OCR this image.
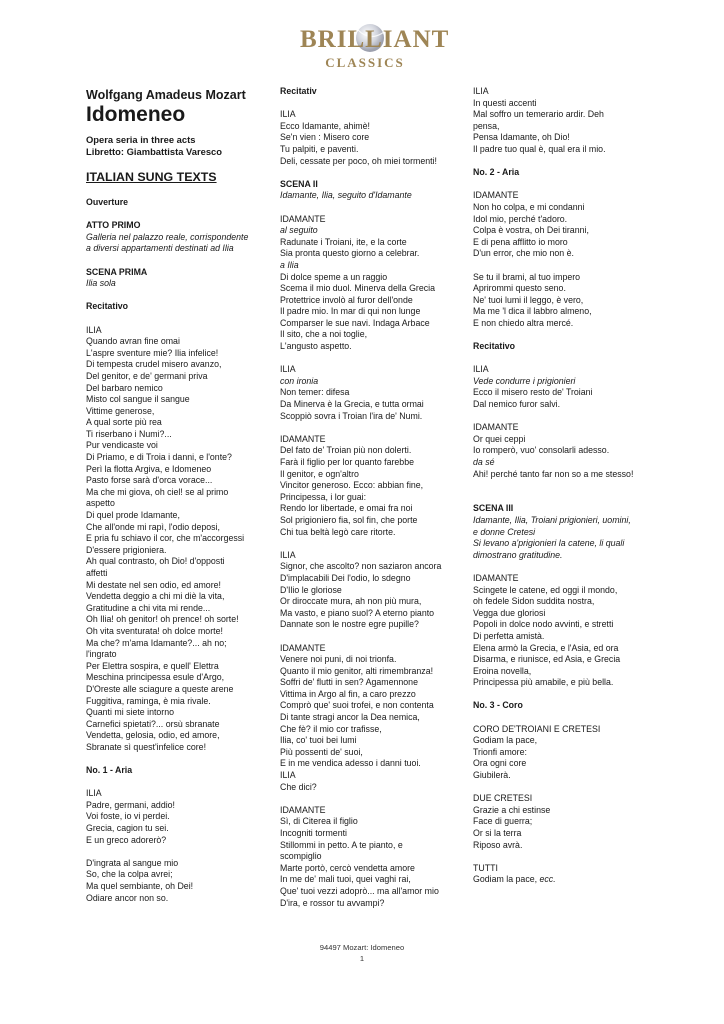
BRILLIANT
CLASSICS
Wolfgang Amadeus Mozart
Idomeneo
Opera seria in three acts
Libretto: Giambattista Varesco
ITALIAN SUNG TEXTS
Ouverture
ATTO PRIMO
Galleria nel palazzo reale, corrispondente
a diversi appartamenti destinati ad Ilia
SCENA PRIMA
Ilia sola
Recitativo
ILIA
Quando avran fine omai
L'aspre sventure mie? Ilia infelice!
Di tempesta crudel misero avanzo,
Del genitor, e de' germani priva
Del barbaro nemico
Misto col sangue il sangue
Vittime generose,
A qual sorte più rea
Ti riserbano i Numi?...
Pur vendicaste voi
Di Priamo, e di Troia i danni, e l'onte?
Perì la flotta Argiva, e Idomeneo
Pasto forse sarà d'orca vorace...
Ma che mi giova, oh ciel! se al primo
aspetto
Di quel prode Idamante,
Che all'onde mi rapì, l'odio deposi,
E pria fu schiavo il cor, che m'accorgessi
D'essere prigioniera.
Ah qual contrasto, oh Dio! d'opposti
affetti
Mi destate nel sen odio, ed amore!
Vendetta deggio a chi mi diè la vita,
Gratitudine a chi vita mi rende...
Oh Ilia! oh genitor! oh prence! oh sorte!
Oh vita sventurata! oh dolce morte!
Ma che? m'ama Idamante?... ah no;
l'ingrato
Per Elettra sospira, e quell' Elettra
Meschina principessa esule d'Argo,
D'Oreste alle sciagure a queste arene
Fuggitiva, raminga, è mia rivale.
Quanti mi siete intorno
Carnefici spietati?... orsù sbranate
Vendetta, gelosia, odio, ed amore,
Sbranate sì quest'infelice core!
No. 1 - Aria
ILIA
Padre, germani, addio!
Voi foste, io vi perdei.
Grecia, cagion tu sei.
E un greco adorerò?
D'ingrata al sangue mio
So, che la colpa avrei;
Ma quel sembiante, oh Dei!
Odiare ancor non so.
Recitativ
ILIA
Ecco Idamante, ahimè!
Se'n vien : Misero core
Tu palpiti, e paventi.
Deli, cessate per poco, oh miei tormenti!
SCENA II
Idamante, Ilia, seguito d'Idamante
IDAMANTE
al seguito
Radunate i Troiani, ite, e la corte
Sia pronta questo giorno a celebrar.
a Ilia
Di dolce speme a un raggio
Scema il mio duol. Minerva della Grecia
Protettrice involò al furor dell'onde
Il padre mio. In mar di qui non lunge
Comparser le sue navi. Indaga Arbace
Il sito, che a noi toglie,
L'angusto aspetto.
ILIA
con ironia
Non temer: difesa
Da Minerva è la Grecia, e tutta ormai
Scoppiò sovra i Troian l'ira de' Numi.
IDAMANTE
Del fato de' Troian più non dolerti.
Farà il figlio per lor quanto farebbe
Il genitor, e ogn'altro
Vincitor generoso. Ecco: abbian fine,
Principessa, i lor guai:
Rendo lor libertade, e omai fra noi
Sol prigioniero fia, sol fin, che porte
Chi tua beltà legò care ritorte.
ILIA
Signor, che ascolto? non saziaron ancora
D'implacabili Dei l'odio, lo sdegno
D'Ilio le gloriose
Or diroccate mura, ah non più mura,
Ma vasto, e piano suol? A eterno pianto
Dannate son le nostre egre pupille?
IDAMANTE
Venere noi puni, di noi trionfa.
Quanto il mio genitor, alti rimembranza!
Soffri de' flutti in sen? Agamennone
Vittima in Argo al fin, a caro prezzo
Comprò que' suoi trofei, e non contenta
Di tante stragi ancor la Dea nemica,
Che fè? il mio cor trafisse,
Ilia, co' tuoi bei lumi
Più possenti de' suoi,
E in me vendica adesso i danni tuoi.
ILIA
Che dici?
IDAMANTE
Sì, di Citerea il figlio
Incogniti tormenti
Stillommi in petto. A te pianto, e
scompiglio
Marte portò, cercò vendetta amore
In me de' mali tuoi, quei vaghi rai,
Que' tuoi vezzi adoprò... ma all'amor mio
D'ira, e rossor tu avvampi?
ILIA
In questi accenti
Mal soffro un temerario ardir. Deh
pensa,
Pensa Idamante, oh Dio!
Il padre tuo qual è, qual era il mio.
No. 2 - Aria
IDAMANTE
Non ho colpa, e mi condanni
Idol mio, perché t'adoro.
Colpa è vostra, oh Dei tiranni,
E di pena afflitto io moro
D'un error, che mio non è.
Se tu il brami, al tuo impero
Aprirommi questo seno.
Ne' tuoi lumi il leggo, è vero,
Ma me 'l dica il labbro almeno,
E non chiedo altra mercé.
Recitativo
ILIA
Vede condurre i prigionieri
Ecco il misero resto de' Troiani
Dal nemico furor salvi.
IDAMANTE
Or quei ceppi
Io romperò, vuo' consolarli adesso.
da sé
Ahi! perché tanto far non so a me stesso!
SCENA III
Idamante, Ilia, Troiani prigionieri, uomini,
e donne Cretesi
Si levano a'prigionieri la catene, li quali
dimostrano gratitudine.
IDAMANTE
Scingete le catene, ed oggi il mondo,
oh fedele Sidon suddita nostra,
Vegga due gloriosi
Popoli in dolce nodo avvinti, e stretti
Di perfetta amistà.
Elena armò la Grecia, e l'Asia, ed ora
Disarma, e riunisce, ed Asia, e Grecia
Eroina novella,
Principessa più amabile, e più bella.
No. 3 - Coro
CORO DE'TROIANI E CRETESI
Godiam la pace,
Trionfi amore:
Ora ogni core
Giubilerà.
DUE CRETESI
Grazie a chi estinse
Face di guerra;
Or si la terra
Riposo avrà.
TUTTI
Godiam la pace, ecc.
94497 Mozart: Idomeneo
1
